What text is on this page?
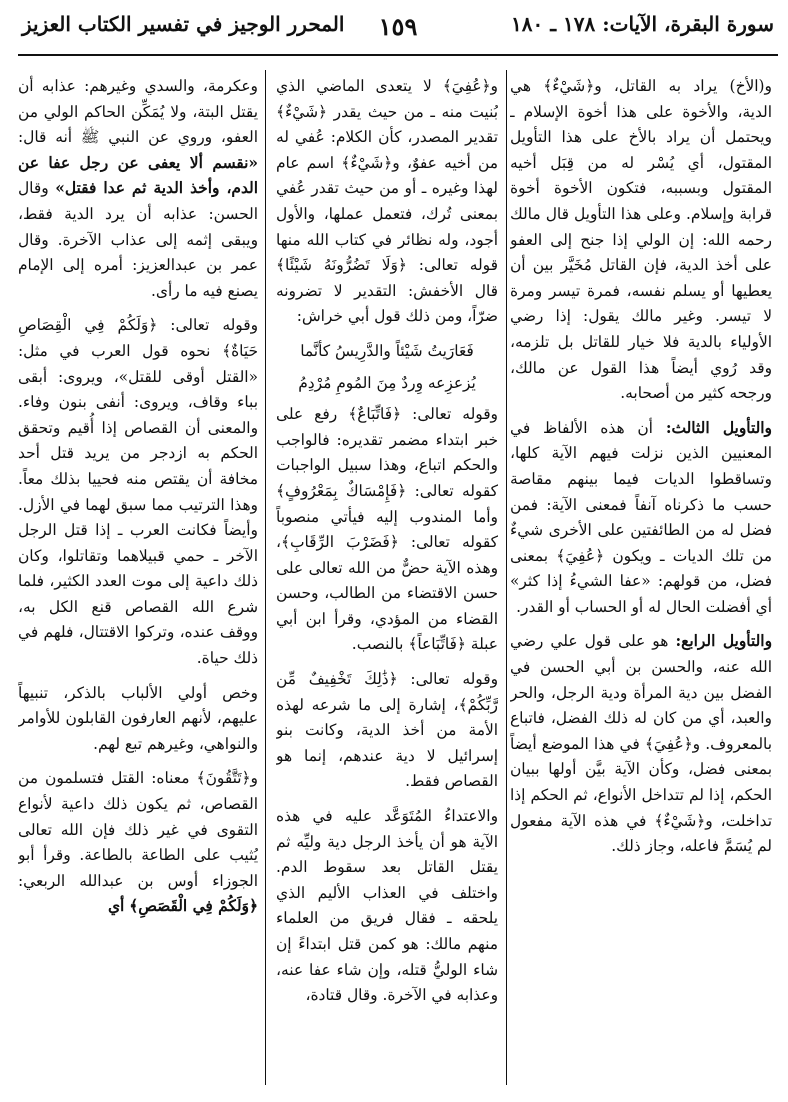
سورة البقرة، الآيات: ١٧٨ ـ ١٨٠
١٥٩
المحرر الوجيز في تفسير الكتاب العزيز

و(الأخ) يراد به القاتل، و﴿شَيْءٌ﴾ هي الدية، والأخوة على هذا أخوة الإسلام ـ ويحتمل أن يراد بالأخ على هذا التأويل المقتول، أي يُسْر له من قِبَل أخيه المقتول وبسببه، فتكون الأخوة أخوة قرابة وإسلام. وعلى هذا التأويل قال مالك رحمه الله: إن الولي إذا جنح إلى العفو على أخذ الدية، فإن القاتل مُخَيَّر بين أن يعطيها أو يسلم نفسه، فمرة تيسر ومرة لا تيسر. وغير مالك يقول: إذا رضي الأولياء بالدية فلا خيار للقاتل بل تلزمه، وقد رُوي أيضاً هذا القول عن مالك، ورجحه كثير من أصحابه.

والتأويل الثالث: أن هذه الألفاظ في المعنيين الذين نزلت فيهم الآية كلها، وتساقطوا الديات فيما بينهم مقاصة حسب ما ذكرناه آنفاً فمعنى الآية: فمن فضل له من الطائفتين على الأخرى شيءٌ من تلك الديات ـ ويكون ﴿عُفِيَ﴾ بمعنى فضل، من قولهم: «عفا الشيءُ إذا كثر» أي أفضلت الحال له أو الحساب أو القدر.

والتأويل الرابع: هو على قول علي رضي الله عنه، والحسن بن أبي الحسن في الفضل بين دية المرأة ودية الرجل، والحر والعبد، أي من كان له ذلك الفضل، فاتباع بالمعروف. و﴿عُفِيَ﴾ في هذا الموضع أيضاً بمعنى فضل، وكأن الآية بيَّن أولها ببيان الحكم، إذا لم تتداخل الأنواع، ثم الحكم إذا تداخلت، و﴿شَيْءٌ﴾ في هذه الآية مفعول لم يُسَمَّ فاعله، وجاز ذلك.

و﴿عُفِيَ﴾ لا يتعدى الماضي الذي بُنيت منه ـ من حيث يقدر ﴿شَيْءٌ﴾ تقدير المصدر، كأن الكلام: عُفي له من أخيه عفوٌ، و﴿شَيْءٌ﴾ اسم عام لهذا وغيره ـ أو من حيث تقدر عُفي بمعنى تُرك، فتعمل عملها، والأول أجود، وله نظائر في كتاب الله منها قوله تعالى: ﴿وَلَا تَضُرُّونَهُ شَيْئًا﴾ قال الأخفش: التقدير لا تضرونه ضرّاً، ومن ذلك قول أبي خراش:

فَعَارَيتُ شَيْئاً والدَّرِيسُ كأنَّما

يُزعزِعه وِردٌ مِنَ المُومِ مُرْدِمُ

وقوله تعالى: ﴿فَاتِّبَاعٌ﴾ رفع على خبر ابتداء مضمر تقديره: فالواجب والحكم اتباع، وهذا سبيل الواجبات كقوله تعالى: ﴿فَإِمْسَاكٌ بِمَعْرُوفٍ﴾ وأما المندوب إليه فيأتي منصوباً كقوله تعالى: ﴿فَضَرْبَ الرِّقَابِ﴾، وهذه الآية حضٌّ من الله تعالى على حسن الاقتضاء من الطالب، وحسن القضاء من المؤدي، وقرأ ابن أبي عبلة ﴿فَاتِّبَاعاً﴾ بالنصب.

وقوله تعالى: ﴿ذَٰلِكَ تَخْفِيفٌ مِّن رَّبِّكُمْ﴾، إشارة إلى ما شرعه لهذه الأمة من أخذ الدية، وكانت بنو إسرائيل لا دية عندهم، إنما هو القصاص فقط.

والاعتداءُ المُتَوَعَّد عليه في هذه الآية هو أن يأخذ الرجل دية وليِّه ثم يقتل القاتل بعد سقوط الدم. واختلف في العذاب الأليم الذي يلحقه ـ فقال فريق من العلماء منهم مالك: هو كمن قتل ابتداءً إن شاء الوليُّ قتله، وإن شاء عفا عنه، وعذابه في الآخرة. وقال قتادة،

وعكرمة، والسدي وغيرهم: عذابه أن يقتل البتة، ولا يُمَكِّن الحاكم الولي من العفو، وروي عن النبي ﷺ أنه قال: «نقسم ألا يعفى عن رجل عفا عن الدم، وأخذ الدية ثم عدا فقتل» وقال الحسن: عذابه أن يرد الدية فقط، ويبقى إثمه إلى عذاب الآخرة. وقال عمر بن عبدالعزيز: أمره إلى الإمام يصنع فيه ما رأى.

وقوله تعالى: ﴿وَلَكُمْ فِي الْقِصَاصِ حَيَاةٌ﴾ نحوه قول العرب في مثل: «القتل أوقى للقتل»، ويروى: أبقى بباء وقاف، ويروى: أنفى بنون وفاء. والمعنى أن القصاص إذا أُقيم وتحقق الحكم به ازدجر من يريد قتل أحد مخافة أن يقتص منه فحييا بذلك معاً. وهذا الترتيب مما سبق لهما في الأزل. وأيضاً فكانت العرب ـ إذا قتل الرجل الآخر ـ حمي قبيلاهما وتقاتلوا، وكان ذلك داعية إلى موت العدد الكثير، فلما شرع الله القصاص قنع الكل به، ووقف عنده، وتركوا الاقتتال، فلهم في ذلك حياة.

وخص أولي الألباب بالذكر، تنبيهاً عليهم، لأنهم العارفون القابلون للأوامر والنواهي، وغيرهم تبع لهم.

و﴿تَتَّقُونَ﴾ معناه: القتل فتسلمون من القصاص، ثم يكون ذلك داعية لأنواع التقوى في غير ذلك فإن الله تعالى يُثيب على الطاعة بالطاعة. وقرأ أبو الجوزاء أوس بن عبدالله الربعي: ﴿وَلَكُمْ فِي الْقَصَصِ﴾ أي
